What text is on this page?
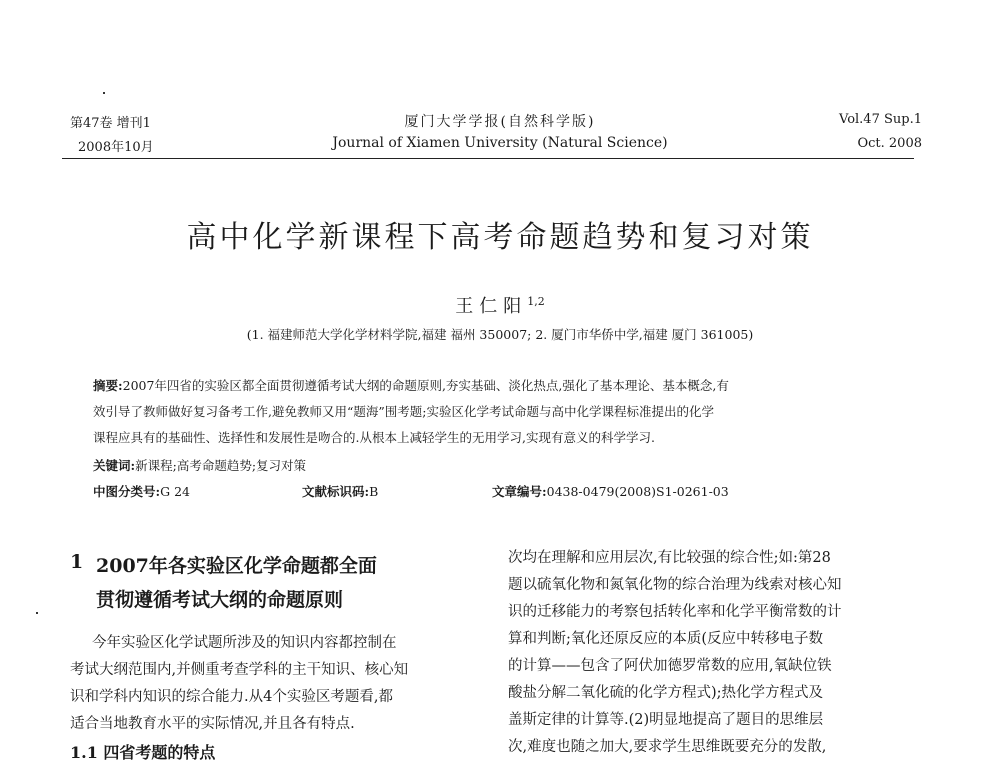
第47卷 增刊1
2008年10月
厦门大学学报(自然科学版)
Journal of Xiamen University (Natural Science)
Vol.47 Sup.1
Oct. 2008
高中化学新课程下高考命题趋势和复习对策
王仁阳$^{1,2}$
(1. 福建师范大学化学材料学院,福建 福州 350007; 2. 厦门市华侨中学,福建 厦门 361005)
摘要:2007年四省的实验区都全面贯彻遵循考试大纲的命题原则,夯实基础、淡化热点,强化了基本理论、基本概念,有
效引导了教师做好复习备考工作,避免教师又用“题海”围考题;实验区化学考试命题与高中化学课程标准提出的化学
课程应具有的基础性、选择性和发展性是吻合的.从根本上减轻学生的无用学习,实现有意义的科学学习.
关键词:新课程;高考命题趋势;复习对策
中图分类号:G 24	文献标识码:B	文章编号:0438-0479(2008)S1-0261-03
1 2007年各实验区化学命题都全面
贯彻遵循考试大纲的命题原则
今年实验区化学试题所涉及的知识内容都控制在
考试大纲范围内,并侧重考查学科的主干知识、核心知
识和学科内知识的综合能力.从4个实验区考题看,都
适合当地教育水平的实际情况,并且各有特点.
1.1 四省考题的特点
次均在理解和应用层次,有比较强的综合性;如:第28
题以硫氧化物和氮氧化物的综合治理为线索对核心知
识的迁移能力的考察包括转化率和化学平衡常数的计
算和判断;氧化还原反应的本质(反应中转移电子数
的计算——包含了阿伏加德罗常数的应用,氧缺位铁
酸盐分解二氧化硫的化学方程式);热化学方程式及
盖斯定律的计算等.(2)明显地提高了题目的思维层
次,难度也随之加大,要求学生思维既要充分的发散,
